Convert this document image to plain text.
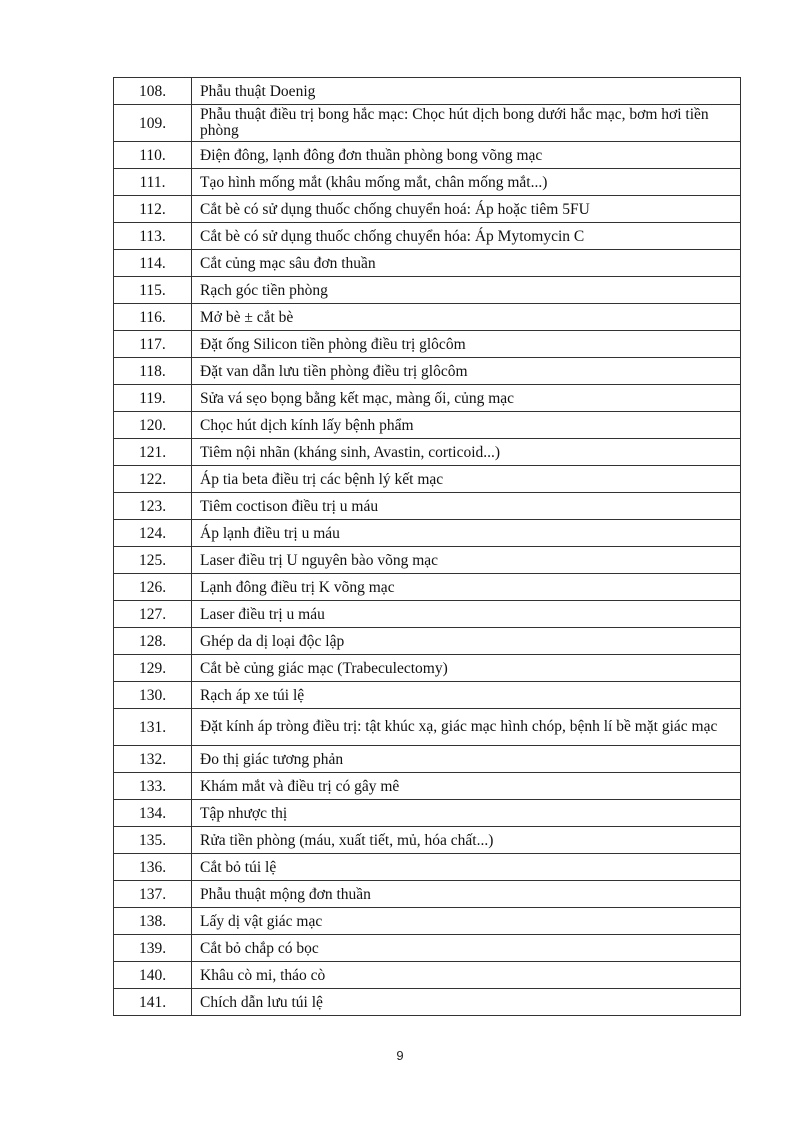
108.	Phẫu thuật Doenig
109.	Phẫu thuật điều trị bong hắc mạc: Chọc hút dịch bong dưới hắc mạc, bơm hơi tiền phòng
110.	Điện đông, lạnh đông đơn thuần phòng bong võng mạc
111.	Tạo hình mống mắt (khâu mống mắt, chân mống mắt...)
112.	Cắt bè có sử dụng thuốc chống chuyển hoá: Áp hoặc tiêm 5FU
113.	Cắt bè có sử dụng thuốc chống chuyển hóa: Áp Mytomycin C
114.	Cắt củng mạc sâu đơn thuần
115.	Rạch góc tiền phòng
116.	Mở bè ± cắt bè
117.	Đặt ống Silicon tiền phòng điều trị glôcôm
118.	Đặt van dẫn lưu tiền phòng điều trị glôcôm
119.	Sửa vá sẹo bọng bằng kết mạc, màng ối, củng mạc
120.	Chọc hút dịch kính lấy bệnh phẩm
121.	Tiêm nội nhãn (kháng sinh, Avastin, corticoid...)
122.	Áp tia beta điều trị các bệnh lý kết mạc
123.	Tiêm coctison điều trị u máu
124.	Áp lạnh điều trị u máu
125.	Laser điều trị U nguyên bào võng mạc
126.	Lạnh đông điều trị K võng mạc
127.	Laser điều trị u máu
128.	Ghép da dị loại độc lập
129.	Cắt bè củng giác mạc (Trabeculectomy)
130.	Rạch áp xe túi lệ
131.	Đặt kính áp tròng điều trị: tật khúc xạ, giác mạc hình chóp, bệnh lí bề mặt giác mạc
132.	Đo thị giác tương phản
133.	Khám mắt và điều trị có gây mê
134.	Tập nhược thị
135.	Rửa tiền phòng (máu, xuất tiết, mủ, hóa chất...)
136.	Cắt bỏ túi lệ
137.	Phẫu thuật mộng đơn thuần
138.	Lấy dị vật giác mạc
139.	Cắt bỏ chắp có bọc
140.	Khâu cò mi, tháo cò
141.	Chích dẫn lưu túi lệ
9
